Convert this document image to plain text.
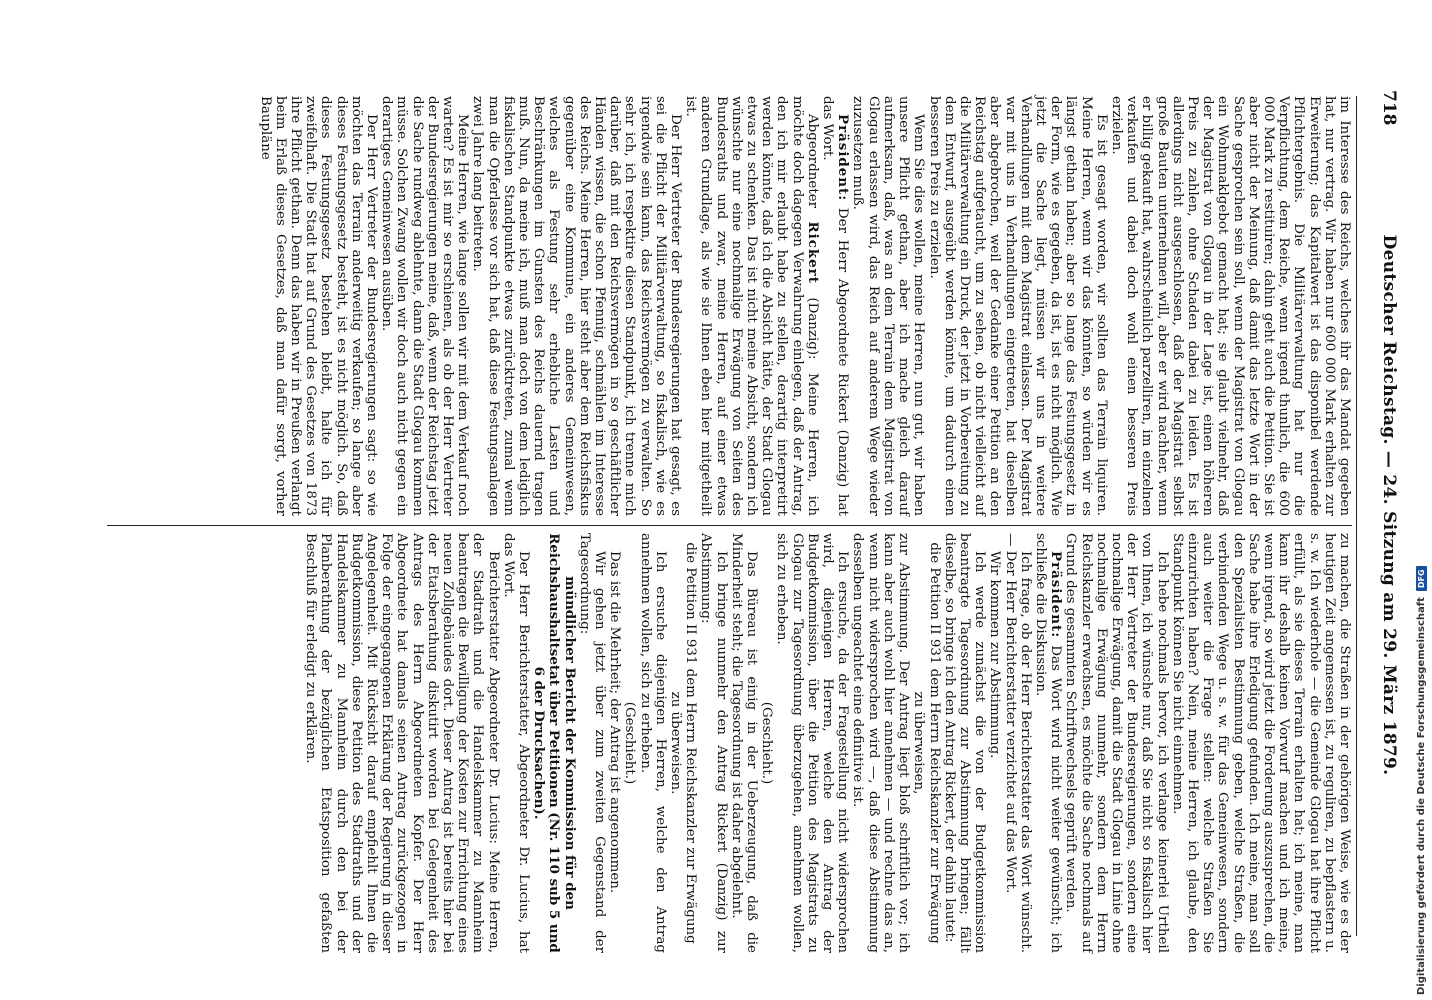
718
Deutscher Reichstag. — 24. Sitzung am 29. März 1879.

im Interesse des Reichs, welches ihr das Mandat gegeben hat, nur vertrag. Wir haben nur 600 000 Mark erhalten zur Erweiterung; das Kapitalwert ist das disponibel werdende Pflichtergebnis. Die Militärverwaltung hat nur die Verpflichtung, dem Reiche, wenn irgend thunlich, die 600 000 Mark zu restituiren; dahin geht auch die Petition. Sie ist aber nicht der Meinung, daß damit das letzte Wort in der Sache gesprochen sein soll, wenn der Magistrat von Glogau ein Wohnmaklgebot gemacht hat; sie glaubt vielmehr, daß der Magistrat von Glogau in der Lage ist, einen höheren Preis zu zahlen, ohne Schaden dabei zu leiden. Es ist allerdings nicht ausgeschlossen, daß der Magistrat selbst große Bauten unternehmen will, aber er wird nachher, wenn er billig gekauft hat, wahrscheinlich parzelliren, im einzelnen verkaufen und dabei doch wohl einen besseren Preis erzielen.

Es ist gesagt worden, wir sollten das Terrain liquiren. Meine Herren, wenn wir das könnten, so würden wir es längst gethan haben; aber so lange das Festungsgesetz in der Form, wie es gegeben, da ist, ist es nicht möglich. Wie jetzt die Sache liegt, müssen wir uns in weitere Verhandlungen mit dem Magistrat einlassen. Der Magistrat war mit uns in Verhandlungen eingetreten, hat dieselben aber abgebrochen, weil der Gedanke einer Petition an den Reichstag aufgetaucht, um zu sehen, ob nicht vielleicht auf die Militärverwaltung ein Druck, der jetzt in Vorbereitung zu dem Entwurf, ausgeübt werden könnte, um dadurch einen besseren Preis zu erzielen.

Wenn Sie dies wollen, meine Herren, nun gut, wir haben unsere Pflicht gethan, aber ich mache gleich darauf aufmerksam, daß, was an dem Terrain dem Magistrat von Glogau erlassen wird, das Reich auf anderem Wege wieder zuzusetzen muß.

Präsident: Der Herr Abgeordnete Rickert (Danzig) hat das Wort.

Abgeordneter Rickert (Danzig): Meine Herren, ich möchte doch dagegen Verwahrung einlegen, daß der Antrag, den ich mir erlaubt habe zu stellen, derartig interpretirt werden könnte, daß ich die Absicht hätte, der Stadt Glogau etwas zu schenken. Das ist nicht meine Absicht, sondern ich wünschte nur eine nochmalige Erwägung von Seiten des Bundesraths und zwar, meine Herren, auf einer etwas anderen Grundlage, als wie sie Ihnen eben hier mitgetheilt ist.

Der Herr Vertreter der Bundesregierungen hat gesagt, es sei die Pflicht der Militärverwaltung, so fiskalisch, wie es irgendwie sein kann, das Reichsvermögen zu verwalten. So sehr ich, ich respektire diesen Standpunkt, ich trenne mich darüber, daß mit den Reichsvermögen in so geschäftlicher Händen wissen, die schon Pfennig, schmählen im Interesse des Reichs. Meine Herren, hier steht aber dem Reichsfiskus gegenüber eine Kommune, ein anderes Gemeinwesen, welches als Festung sehr erhebliche Lasten und Beschränkungen im Gunsten des Reichs dauernd tragen muß. Nun, da meine ich, muß man doch von dem lediglich fiskalischen Standpunkte etwas zurücktreten, zumal wenn man die Opferlasse vor sich hat, daß diese Festungsanlagen zwei Jahre lang beitreten.

Meine Herren, wie lange sollen wir mit dem Verkauf noch warten? Es ist mir so erschienen, als ob der Herr Vertreter der Bundesregierungen meine, daß, wenn der Reichstag jetzt die Sache rundweg ablehnte, dann die Stadt Glogau kommen müsse. Solchen Zwang wollen wir doch auch nicht gegen ein derartiges Gemeinwesen ausüben.

Der Herr Vertreter der Bundesregierungen sagt: so wie möchten das Terrain anderweitig verkaufen; so lange aber dieses Festungsgesetz besteht, ist es nicht möglich. So, daß dieses Festungsgesetz bestehen bleibt, halte ich für zweifelhaft. Die Stadt hat auf Grund des Gesetzes von 1873 ihre Pflicht gethan. Denn das haben wir in Preußen verlangt beim Erlaß dieses Gesetzes, daß man dafür sorgt, vorher Baupläne

zu machen, die Straßen in der gehörigen Weise, wie es der heutigen Zeit angemessen ist, zu reguliren, zu bepflastern u. s. w. Ich wiederhole — die Gemeinde Glogau hat ihre Pflicht erfüllt, als sie dieses Terrain erhalten hat; ich meine, man kann ihr deshalb keinen Vorwurf machen und ich meine, wenn irgend, so wird jetzt die Forderung auszusprechen, die Sache habe ihre Erledigung gefunden. Ich meine, man soll den Spezialisten Bestimmung geben, welche Straßen, die verbindenden Wege u. s. w. für das Gemeinwesen, sondern auch weiter die Frage stellen: welche Straßen Sie einzurichten haben? Nein, meine Herren, ich glaube, den Standpunkt können Sie nicht einnehmen.

Ich hebe nochmals hervor, ich verlange keinerlei Urtheil von Ihnen, ich wünsche nur, daß Sie nicht so fiskalisch hier der Herr Vertreter der Bundesregierungen, sondern eine nochmalige Erwägung, damit die Stadt Glogau in Linie ohne nochmalige Erwägung nunmehr, sondern dem Herrn Reichskanzler erwachsen, es möchte die Sache nochmals auf Grund des gesammten Schriftwechsels geprüft werden.

Präsident: Das Wort wird nicht weiter gewünscht; ich schließe die Diskussion.

Ich frage, ob der Herr Berichterstatter das Wort wünscht. — Der Herr Berichterstatter verzichtet auf das Wort.

Wir kommen zur Abstimmung.

Ich werde zunächst die von der Budgetkommission beantragte Tagesordnung zur Abstimmung bringen; fällt dieselbe, so bringe ich den Antrag Rickert, der dahin lautet:

die Petition II 931 dem Herrn Reichskanzler zur Erwägung zu überweisen,

zur Abstimmung. Der Antrag liegt bloß schriftlich vor; ich kann aber auch wohl hier annehmen — und rechne das an, wenn nicht widersprochen wird —, daß diese Abstimmung desselben ungeachtet eine definitive ist.

Ich ersuche, da der Fragestellung nicht widersprochen wird, diejenigen Herren, welche den Antrag der Budgetkommission, über die Petition des Magistrats zu Glogau zur Tagesordnung überzugehen, annehmen wollen, sich zu erheben.

(Geschieht.)

Das Büreau ist einig in der Ueberzeugung, daß die Minderheit steht; die Tagesordnung ist daher abgelehnt.

Ich bringe nunmehr den Antrag Rickert (Danzig) zur Abstimmung:

die Petition II 931 dem Herrn Reichskanzler zur Erwägung zu überweisen.

Ich ersuche diejenigen Herren, welche den Antrag annehmen wollen, sich zu erheben.

(Geschieht.)

Das ist die Mehrheit; der Antrag ist angenommen.

Wir gehen jetzt über zum zweiten Gegenstand der Tagesordnung:

mündlicher Bericht der Kommission für den Reichshaushaltsetat über Petitionen (Nr. 110 sub 5 und 6 der Drucksachen).

Der Herr Berichterstatter, Abgeordneter Dr. Lucius, hat das Wort.

Berichterstatter Abgeordneter Dr. Lucius: Meine Herren, der Stadtrath und die Handelskammer zu Mannheim beantragen die Bewilligung der Kosten zur Errichtung eines neuen Zollgebäudes dort. Dieser Antrag ist bereits hier bei der Etatsberathung diskutirt worden bei Gelegenheit des Antrags des Herrn Abgeordneten Kopfer. Der Herr Abgeordnete hat damals seinen Antrag zurückgezogen in Folge der eingegangenen Erklärung der Regierung in dieser Angelegenheit. Mit Rücksicht darauf empfiehlt Ihnen die Budgetkommission, diese Petition des Stadtraths und der Handelskammer zu Mannheim durch den bei der Planberathung der bezüglichen Etatsposition gefaßten Beschluß für erledigt zu erklären.	Digitalisierung gefördert durch die Deutsche Forschungsgemeinschaft
DFG
